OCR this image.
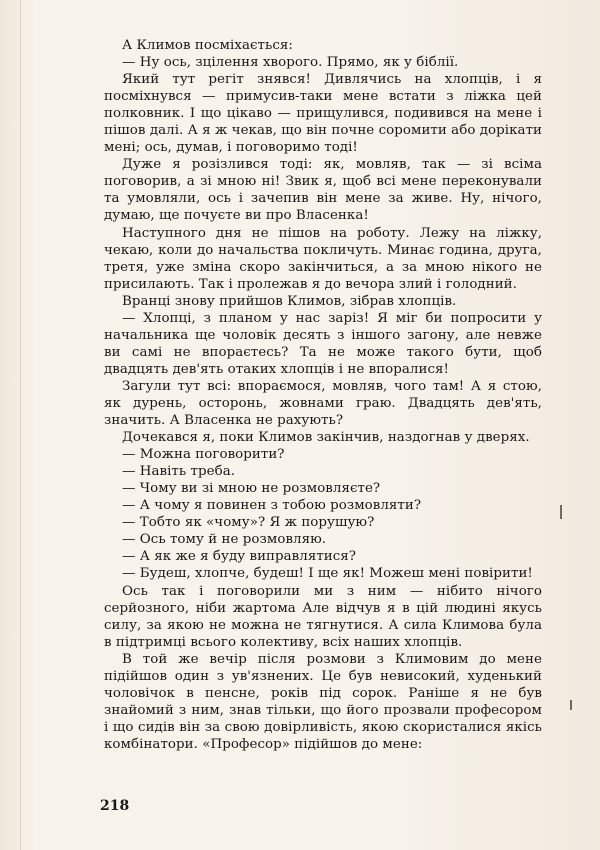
А Климов посміхається:

— Ну ось, зцілення хворого. Прямо, як у біблії.

Який тут регіт знявся! Дивлячись на хлопців, і я посміхнувся — примусив-таки мене встати з ліжка цей полковник. І що цікаво — прищулився, подивився на мене і пішов далі. А я ж чекав, що він почне соромити або дорікати мені; ось, думав, і поговоримо тоді!

Дуже я розізлився тоді: як, мовляв, так — зі всіма поговорив, а зі мною ні! Звик я, щоб всі мене переконували та умовляли, ось і зачепив він мене за живе. Ну, нічого, думаю, ще почуєте ви про Власенка!

Наступного дня не пішов на роботу. Лежу на ліжку, чекаю, коли до начальства покличуть. Минає година, друга, третя, уже зміна скоро закінчиться, а за мною нікого не присилають. Так і пролежав я до вечора злий і голодний.

Вранці знову прийшов Климов, зібрав хлопців.

— Хлопці, з планом у нас заріз! Я міг би попросити у начальника ще чоловік десять з іншого загону, але невже ви самі не впораєтесь? Та не може такого бути, щоб двадцять дев'ять отаких хлопців і не впоралися!

Загули тут всі: впораємося, мовляв, чого там! А я стою, як дурень, осторонь, жовнами граю. Двадцять дев'ять, значить. А Власенка не рахують?

Дочекався я, поки Климов закінчив, наздогнав у дверях.

— Можна поговорити?

— Навіть треба.

— Чому ви зі мною не розмовляєте?

— А чому я повинен з тобою розмовляти?

— Тобто як «чому»? Я ж порушую?

— Ось тому й не розмовляю.

— А як же я буду виправлятися?

— Будеш, хлопче, будеш! І ще як! Можеш мені повірити!

Ось так і поговорили ми з ним — нібито нічого серйозного, ніби жартома Але відчув я в цій людині якусь силу, за якою не можна не тягнутися. А сила Климова була в підтримці всього колективу, всіх наших хлопців.

В той же вечір після розмови з Климовим до мене підійшов один з ув'язнених. Це був невисокий, худенький чоловічок в пенсне, років під сорок. Раніше я не був знайомий з ним, знав тільки, що його прозвали професором і що сидів він за свою довірливість, якою скористалися якісь комбінатори. «Професор» підійшов до мене:

218
